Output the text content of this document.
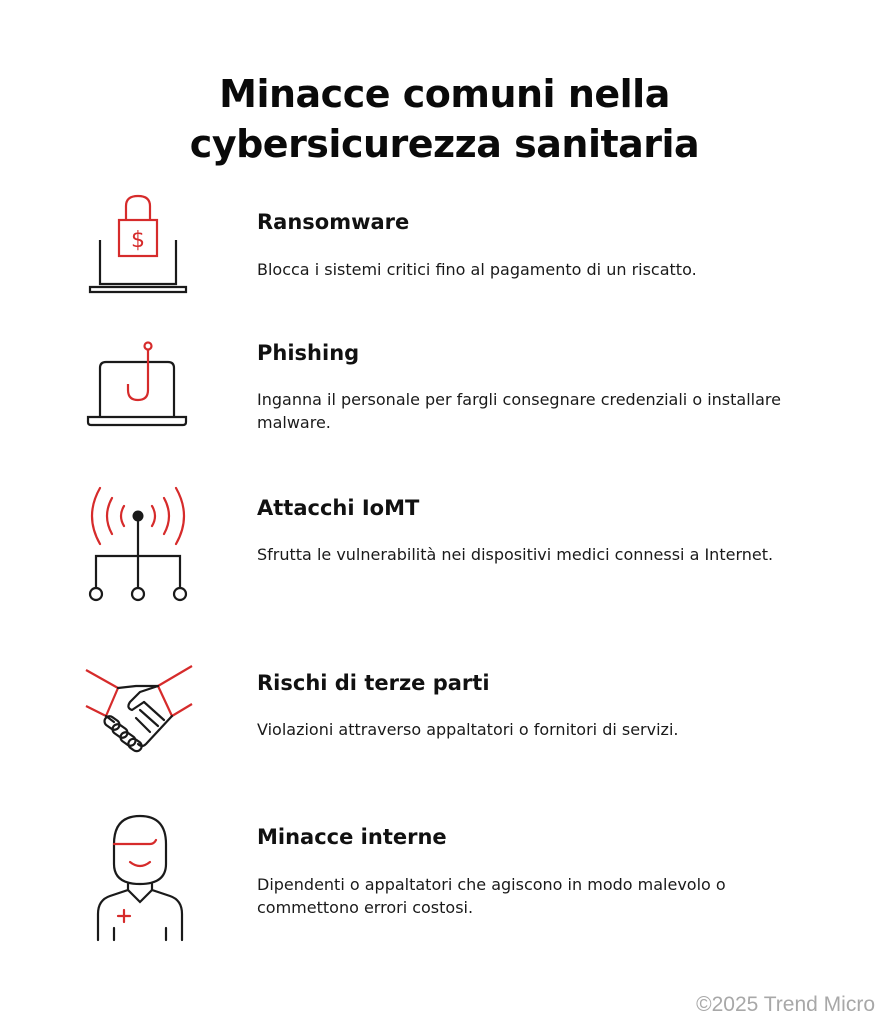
Minacce comuni nella
cybersicurezza sanitaria
$
Ransomware
Blocca i sistemi critici fino al pagamento di un riscatto.
Phishing
Inganna il personale per fargli consegnare credenziali o installare malware.
Attacchi IoMT
Sfrutta le vulnerabilità nei dispositivi medici connessi a Internet.
Rischi di terze parti
Violazioni attraverso appaltatori o fornitori di servizi.
Minacce interne
Dipendenti o appaltatori che agiscono in modo malevolo o commettono errori costosi.
©2025 Trend Micro
